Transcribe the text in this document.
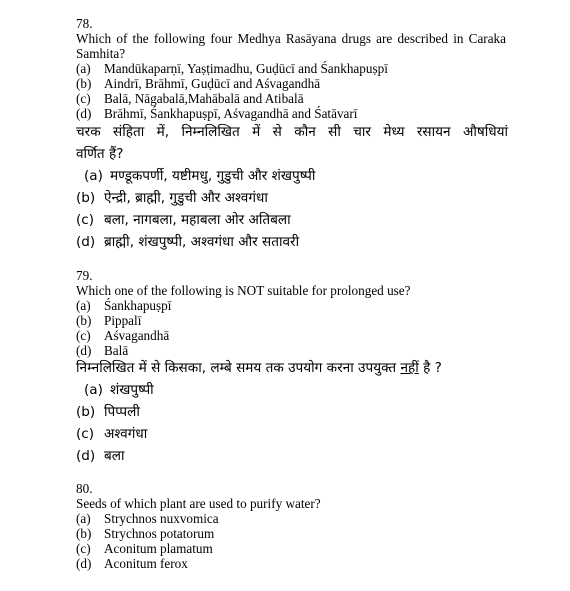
78.
Which of the following four Medhya Rasāyana drugs are described in Caraka
Samhita?
(a) Mandūkaparṇī, Yaṣṭimadhu, Guḍūcī and Śankhapuṣpī
(b) Aindrī, Brāhmī, Guḍūcī and Aśvagandhā
(c) Balā, Nāgabalā,Mahābalā and Atibalā
(d) Brāhmī, Śankhapuṣpī, Aśvagandhā and Śatāvarī
चरक संहिता में, निम्नलिखित में से कौन सी चार मेध्य रसायन औषधियां
वर्णित हैं?
(a) मण्डूकपर्णी, यष्टीमधु, गुडुची और शंखपुष्पी
(b) ऐन्द्री, ब्राह्मी, गुडुची और अश्वगंधा
(c) बला, नागबला, महाबला ओर अतिबला
(d) ब्राह्मी, शंखपुष्पी, अश्वगंधा और सतावरी
79.
Which one of the following is NOT suitable for prolonged use?
(a) Śankhapuṣpī
(b) Pippalī
(c) Aśvagandhā
(d) Balā
निम्नलिखित में से किसका, लम्बे समय तक उपयोग करना उपयुक्त नहीं है ?
(a) शंखपुष्पी
(b) पिप्पली
(c) अश्वगंधा
(d) बला
80.
Seeds of which plant are used to purify water?
(a) Strychnos nuxvomica
(b) Strychnos potatorum
(c) Aconitum plamatum
(d) Aconitum ferox
